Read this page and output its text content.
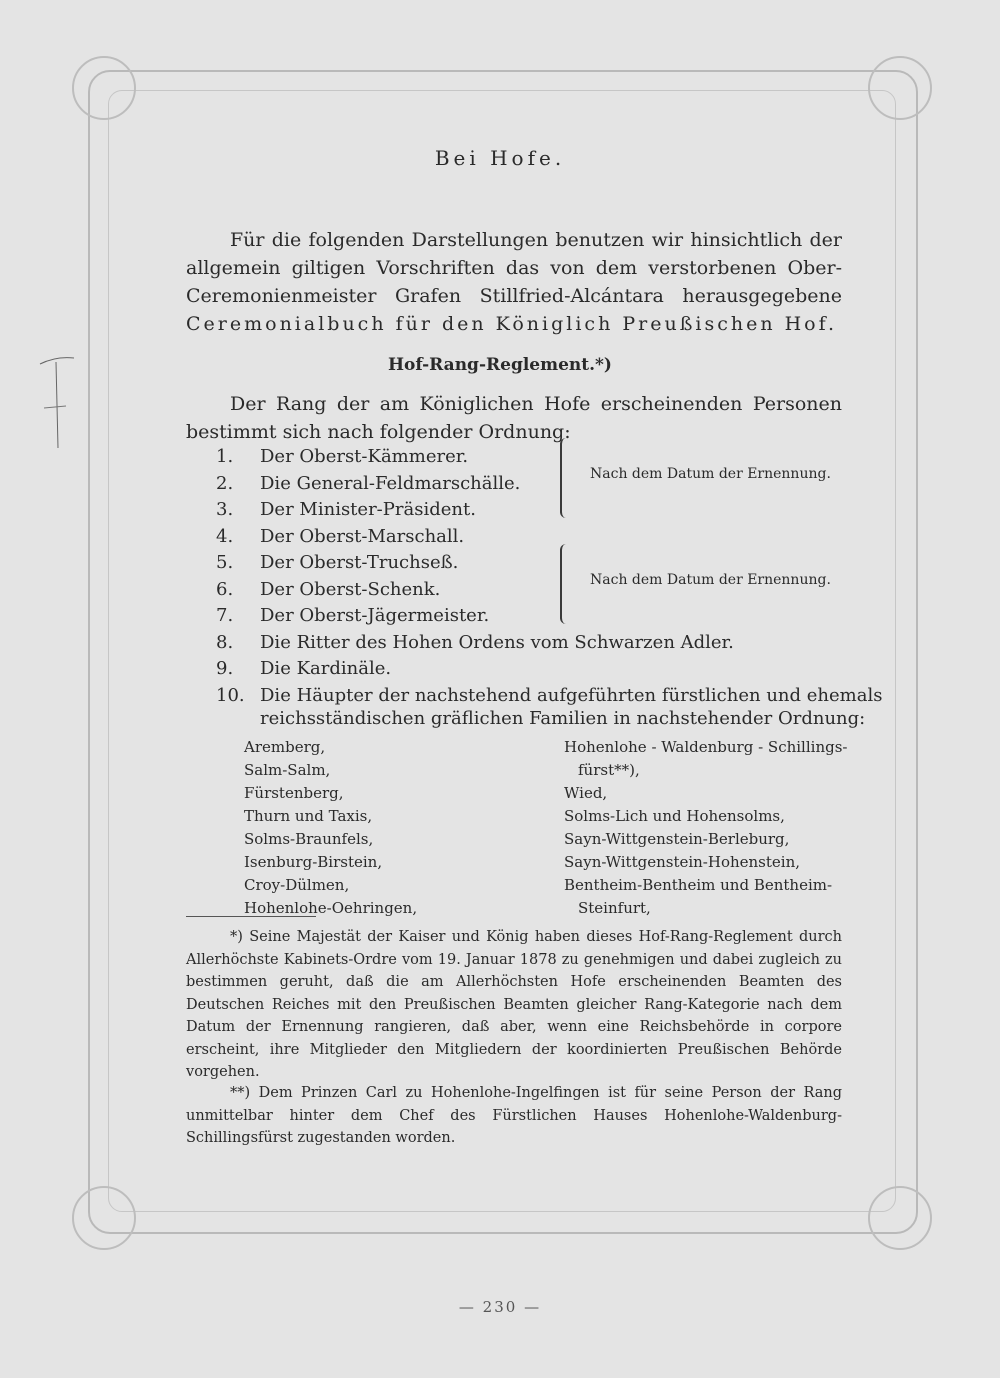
Bei Hofe.
Für die folgenden Darstellungen benutzen wir hinsichtlich der allgemein giltigen Vorschriften das von dem verstorbenen Ober-Ceremonienmeister Grafen Stillfried-Alcántara herausgegebene Ceremonialbuch für den Königlich Preußischen Hof.
Hof-Rang-Reglement.*)
Der Rang der am Königlichen Hofe erscheinenden Personen bestimmt sich nach folgender Ordnung:
1.	Der Oberst-Kämmerer.
2.	Die General-Feldmarschälle.
3.	Der Minister-Präsident.
4.	Der Oberst-Marschall.
5.	Der Oberst-Truchseß.
6.	Der Oberst-Schenk.
7.	Der Oberst-Jägermeister.
8.	Die Ritter des Hohen Ordens vom Schwarzen Adler.
9.	Die Kardinäle.
10. Die Häupter der nachstehend aufgeführten fürstlichen und ehemals
Nach dem Datum der Ernennung.
Nach dem Datum der Ernennung.
reichsständischen gräflichen Familien in nachstehender Ordnung:
Aremberg,
Salm-Salm,
Fürstenberg,
Thurn und Taxis,
Solms-Braunfels,
Isenburg-Birstein,
Croy-Dülmen,
Hohenlohe-Oehringen,
Hohenlohe - Waldenburg - Schillings-
fürst**),
Wied,
Solms-Lich und Hohensolms,
Sayn-Wittgenstein-Berleburg,
Sayn-Wittgenstein-Hohenstein,
Bentheim-Bentheim und Bentheim-
Steinfurt,
*) Seine Majestät der Kaiser und König haben dieses Hof-Rang-Reglement durch Allerhöchste Kabinets-Ordre vom 19. Januar 1878 zu genehmigen und dabei zugleich zu bestimmen geruht, daß die am Allerhöchsten Hofe erscheinenden Beamten des Deutschen Reiches mit den Preußischen Beamten gleicher Rang-Kategorie nach dem Datum der Ernennung rangieren, daß aber, wenn eine Reichsbehörde in corpore erscheint, ihre Mitglieder den Mitgliedern der koordinierten Preußischen Behörde vorgehen.
**) Dem Prinzen Carl zu Hohenlohe-Ingelfingen ist für seine Person der Rang unmittelbar hinter dem Chef des Fürstlichen Hauses Hohenlohe-Waldenburg-Schillingsfürst zugestanden worden.
— 230 —
